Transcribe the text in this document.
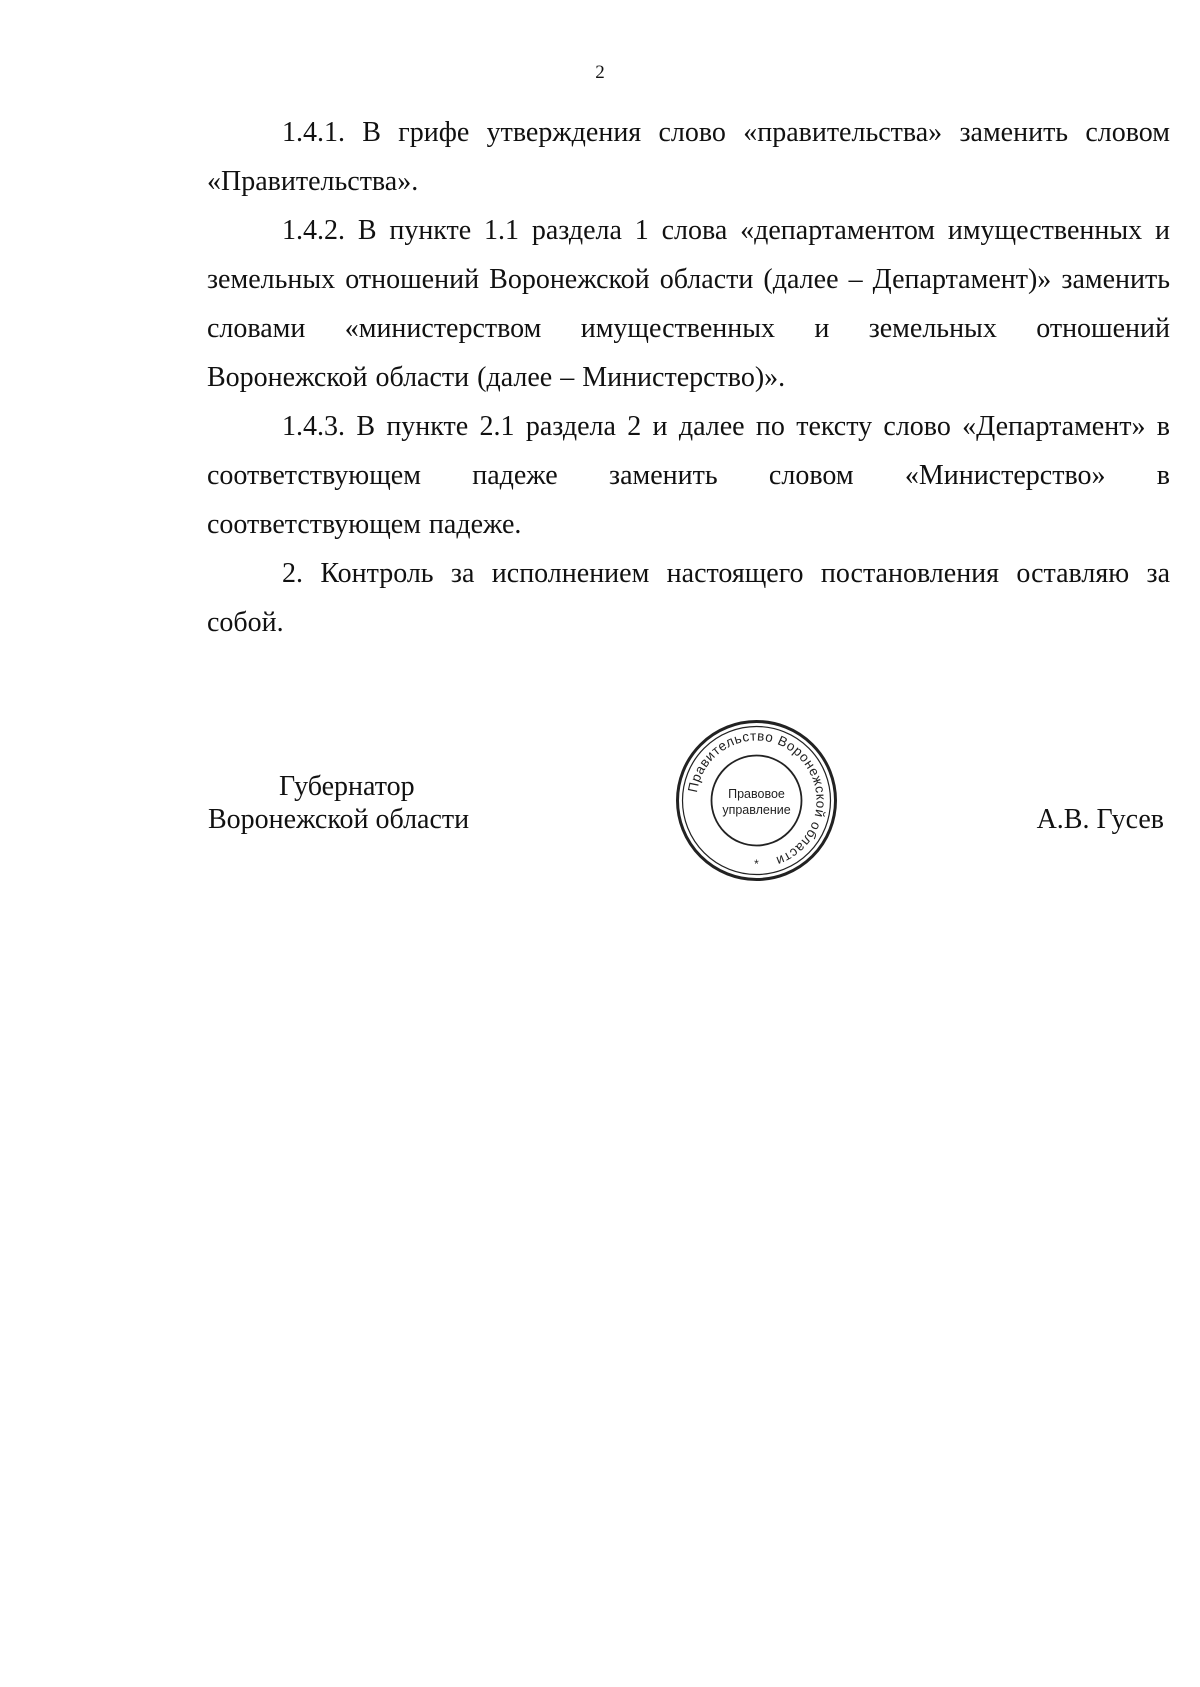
2

1.4.1. В грифе утверждения слово «правительства» заменить словом «Правительства».

1.4.2. В пункте 1.1 раздела 1 слова «департаментом имущественных и земельных отношений Воронежской области (далее – Департамент)» заменить словами «министерством имущественных и земельных отношений Воронежской области (далее – Министерство)».

1.4.3. В пункте 2.1 раздела 2 и далее по тексту слово «Департамент» в соответствующем падеже заменить словом «Министерство» в соответствующем падеже.

2. Контроль за исполнением настоящего постановления оставляю за собой.

Губернатор
Воронежской области
Правительство Воронежской области
Правовое
управление
*
А.В. Гусев
